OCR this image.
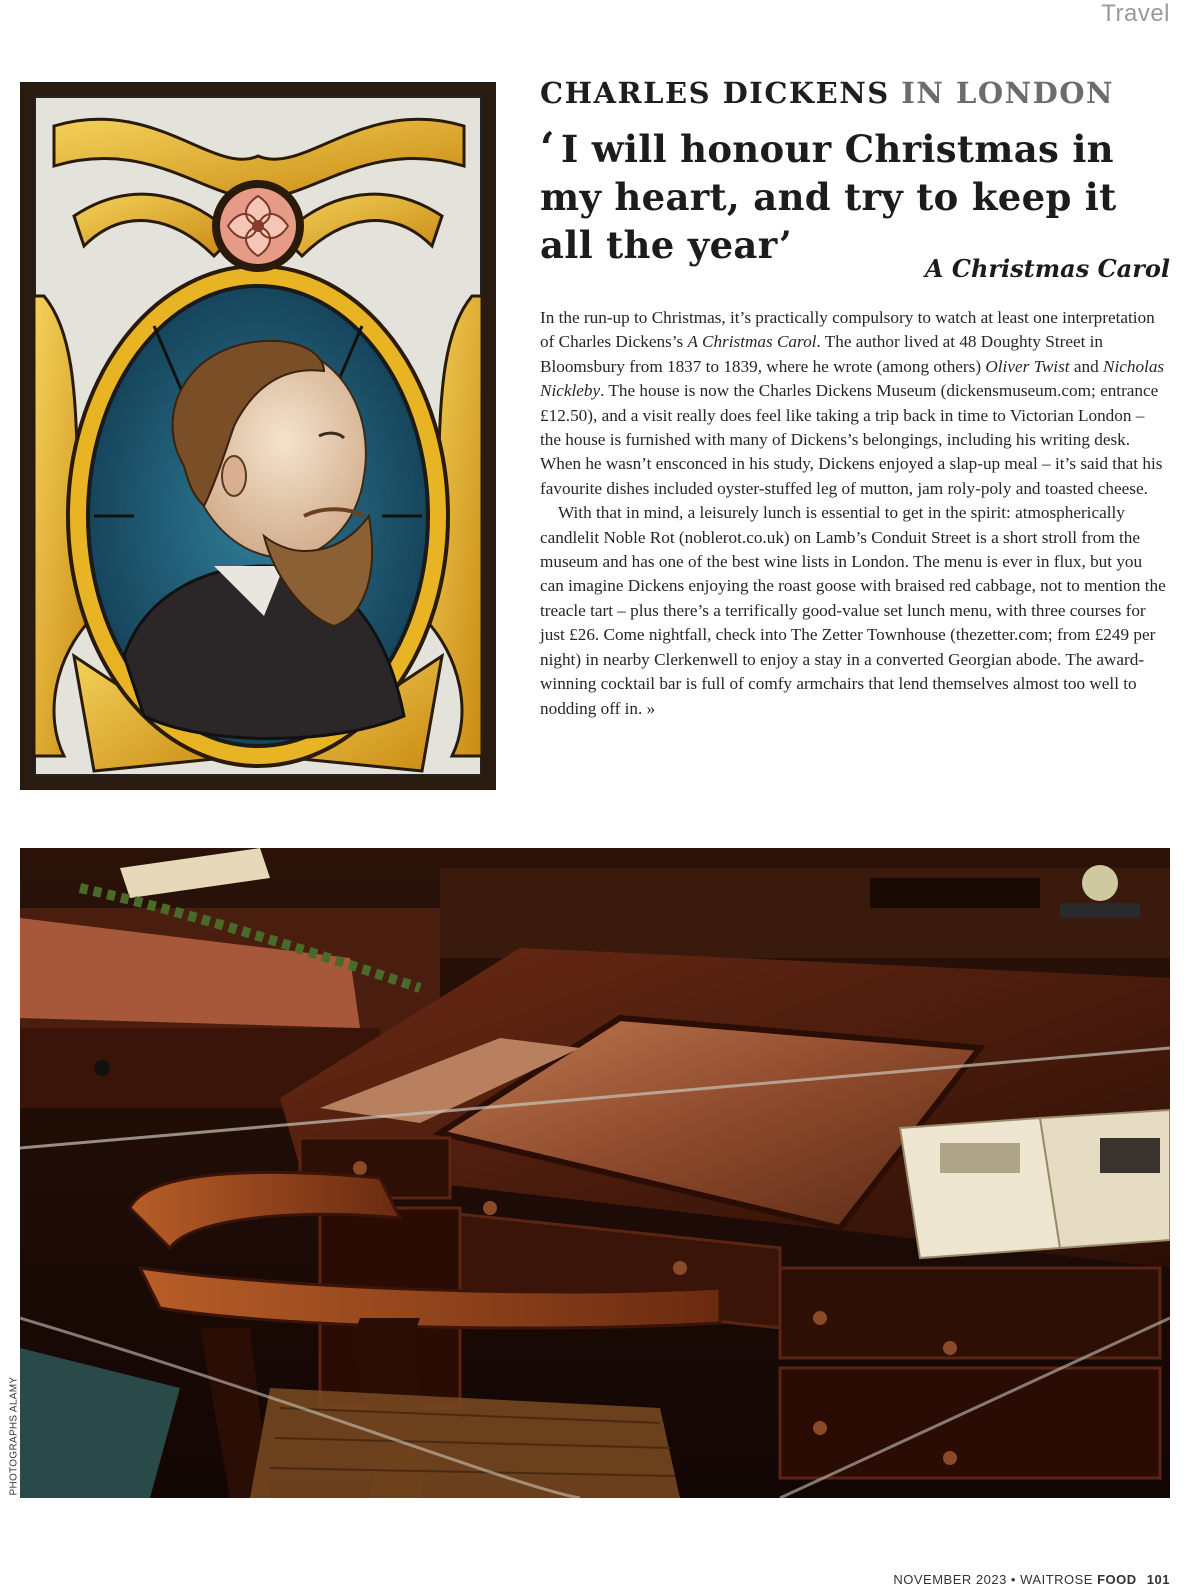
Travel
CHARLES DICKENS IN LONDON
‘ I will honour Christmas in my heart, and try to keep it all the year’
A Christmas Carol

In the run-up to Christmas, it’s practically compulsory to watch at least one interpretation of Charles Dickens’s A Christmas Carol. The author lived at 48 Doughty Street in Bloomsbury from 1837 to 1839, where he wrote (among others) Oliver Twist and Nicholas Nickleby. The house is now the Charles Dickens Museum (dickensmuseum.com; entrance £12.50), and a visit really does feel like taking a trip back in time to Victorian London – the house is furnished with many of Dickens’s belongings, including his writing desk. When he wasn’t ensconced in his study, Dickens enjoyed a slap-up meal – it’s said that his favourite dishes included oyster-stuffed leg of mutton, jam roly-poly and toasted cheese.

With that in mind, a leisurely lunch is essential to get in the spirit: atmospherically candlelit Noble Rot (noblerot.co.uk) on Lamb’s Conduit Street is a short stroll from the museum and has one of the best wine lists in London. The menu is ever in flux, but you can imagine Dickens enjoying the roast goose with braised red cabbage, not to mention the treacle tart – plus there’s a terrifically good-value set lunch menu, with three courses for just £26. Come nightfall, check into The Zetter Townhouse (thezetter.com; from £249 per night) in nearby Clerkenwell to enjoy a stay in a converted Georgian abode. The award-winning cocktail bar is full of comfy armchairs that lend themselves almost too well to nodding off in. »

PHOTOGRAPHS ALAMY
NOVEMBER 2023 • WAITROSE FOOD 101
